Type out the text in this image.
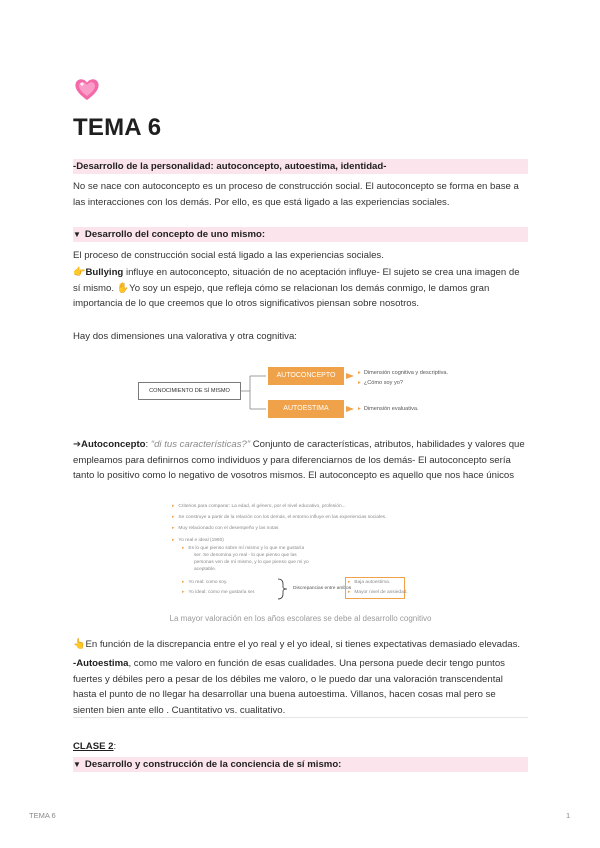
TEMA 6
-Desarrollo de la personalidad: autoconcepto, autoestima, identidad-

No se nace con autoconcepto es un proceso de construcción social. El autoconcepto se forma en base a las interacciones con los demás. Por ello, es que está ligado a las experiencias sociales.

▼ Desarrollo del concepto de uno mismo:

El proceso de construcción social está ligado a las experiencias sociales.

👉Bullying influye en autoconcepto, situación de no aceptación influye- El sujeto se crea una imagen de sí mismo. ✋Yo soy un espejo, que refleja cómo se relacionan los demás conmigo, le damos gran importancia de lo que creemos que lo otros significativos piensan sobre nosotros.

Hay dos dimensiones una valorativa y otra cognitiva:

CONOCIMIENTO DE SÍ MISMO
AUTOCONCEPTO
AUTOESTIMA
▸ Dimensión cognitiva y descriptiva.
▸ ¿Cómo soy yo?
▸ Dimensión evaluativa.

➔Autoconcepto: “di tus características?” Conjunto de características, atributos, habilidades y valores que empleamos para definirnos como individuos y para diferenciarnos de los demás- El autoconcepto sería tanto lo positivo como lo negativo de vosotros mismos. El autoconcepto es aquello que nos hace únicos

▸ Criterios para comparar: La edad, el género, por el nivel educativo, profesión...
▸ Se construye a partir de la relación con los demás, el entorno influye en las experiencias sociales.
▸ Muy relacionado con el desempeño y las notas
▸ Yo real e ideal (1990)
▸ Es lo que pienso sobre mí mismo y lo que me gustaría
ser. Se denomina yo real - lo que pienso que las
personas ven de mí mismo, y lo que pienso que mi yo
aceptable.
▸ Yo real: como soy.
▸ Yo ideal: como me gustaría ser.
Discrepancias entre ambos
▸ Baja autoestima.
▸ Mayor nivel de ansiedad.
La mayor valoración en los años escolares se debe al desarrollo cognitivo

👆En función de la discrepancia entre el yo real y el yo ideal, si tienes expectativas demasiado elevadas.

-Autoestima, como me valoro en función de esas cualidades. Una persona puede decir tengo puntos fuertes y débiles pero a pesar de los débiles me valoro, o le puedo dar una valoración transcendental hasta el punto de no llegar ha desarrollar una buena autoestima. Villanos, hacen cosas mal pero se sienten bien ante ello . Cuantitativo vs. cualitativo.

CLASE 2:
▼ Desarrollo y construcción de la conciencia de sí mismo:
TEMA 6	1
